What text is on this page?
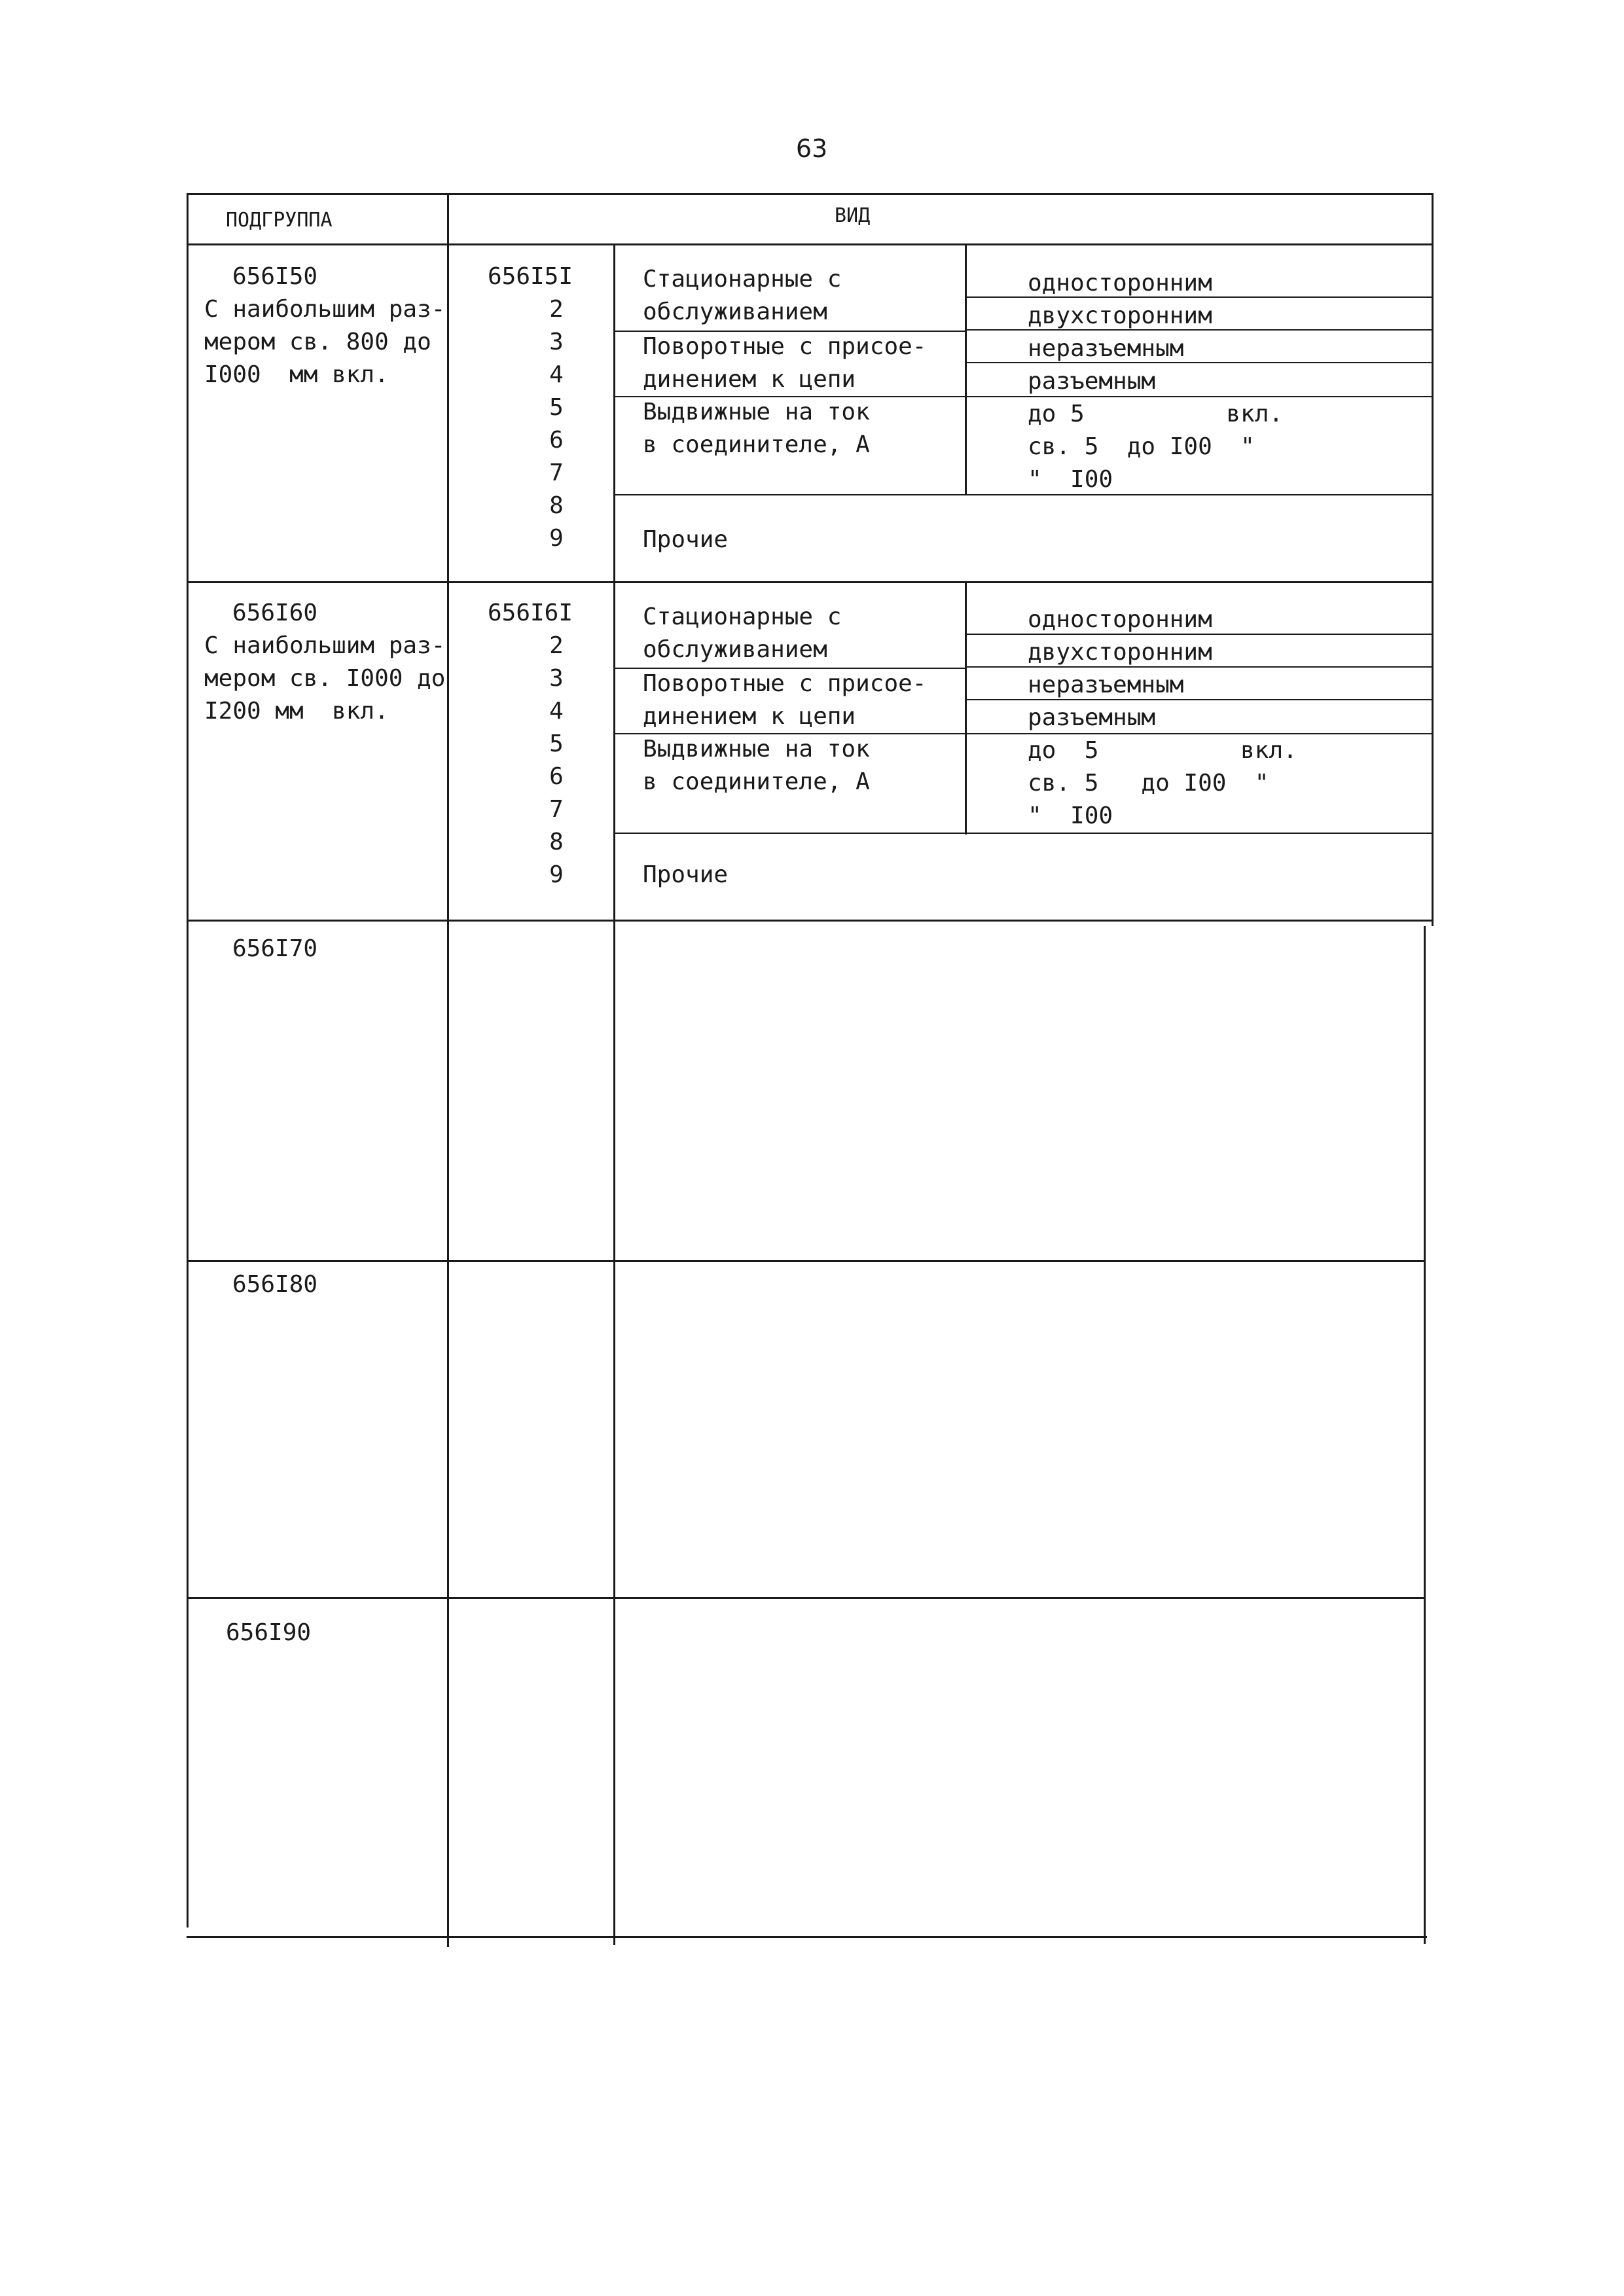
63
ПОДГРУППА	ВИД
656I50
С наибольшим раз-
мером св. 800 до
I000  мм вкл.
656I5I
2
3
4
5
6
7
8
9
Стационарные с
обслуживанием
Поворотные с присое-
динением к цепи
Выдвижные на ток
в соединителе, А
односторонним
двухсторонним
неразъемным
разъемным
до 5          вкл.
св. 5  до I00  "
"  I00
Прочие
656I60
С наибольшим раз-
мером св. I000 до
I200 мм  вкл.
656I6I
2
3
4
5
6
7
8
9
Стационарные с
обслуживанием
Поворотные с присое-
динением к цепи
Выдвижные на ток
в соединителе, А
односторонним
двухсторонним
неразъемным
разъемным
до  5          вкл.
св. 5   до I00  "
"  I00
Прочие
656I70
656I80
656I90
